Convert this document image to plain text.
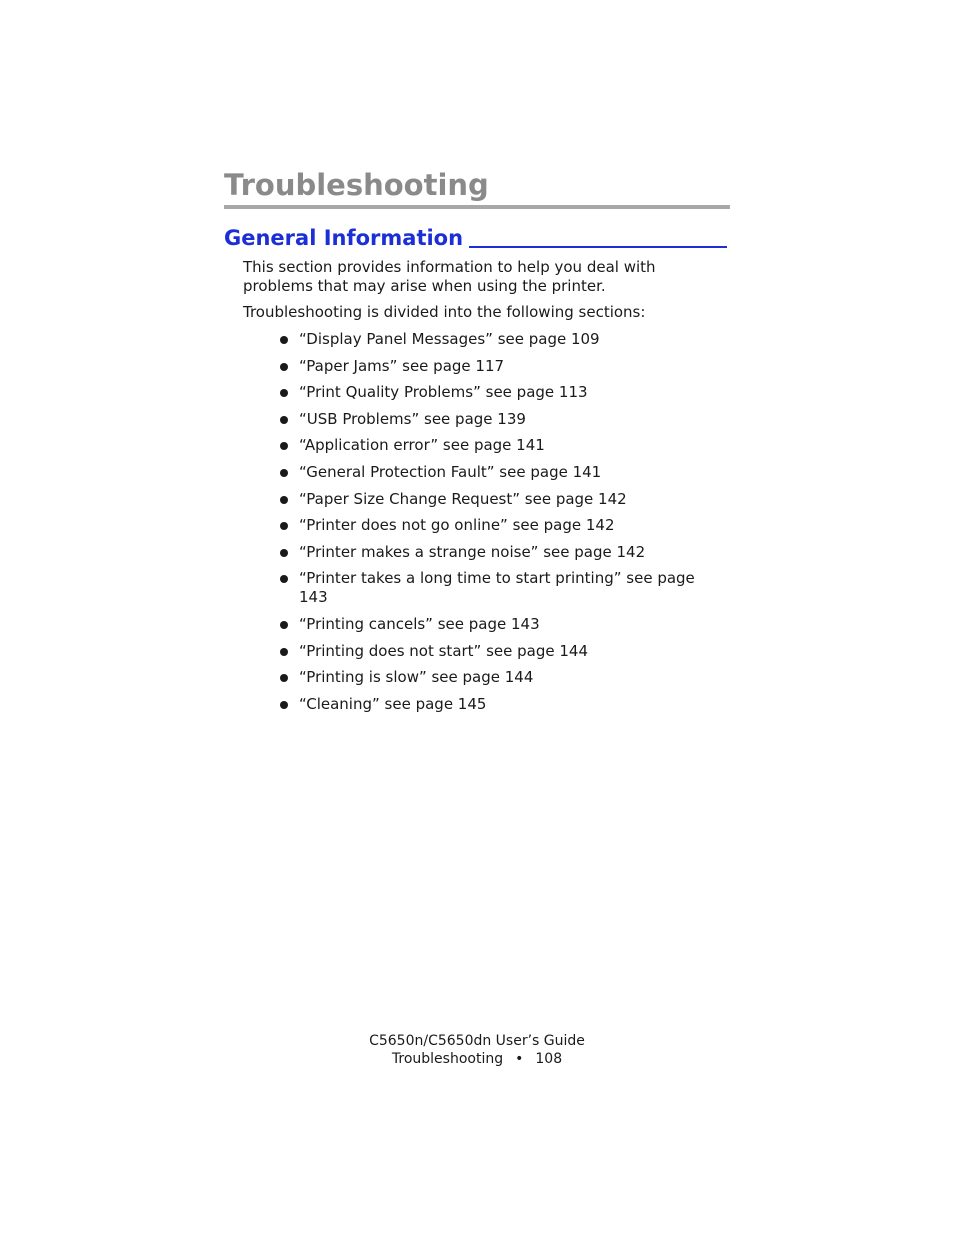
Troubleshooting
General Information

This section provides information to help you deal with problems that may arise when using the printer.

Troubleshooting is divided into the following sections:

“Display Panel Messages” see page 109
“Paper Jams” see page 117
“Print Quality Problems” see page 113
“USB Problems” see page 139
“Application error” see page 141
“General Protection Fault” see page 141
“Paper Size Change Request” see page 142
“Printer does not go online” see page 142
“Printer makes a strange noise” see page 142
“Printer takes a long time to start printing” see page 143
“Printing cancels” see page 143
“Printing does not start” see page 144
“Printing is slow” see page 144
“Cleaning” see page 145
C5650n/C5650dn User’s Guide
Troubleshooting • 108
